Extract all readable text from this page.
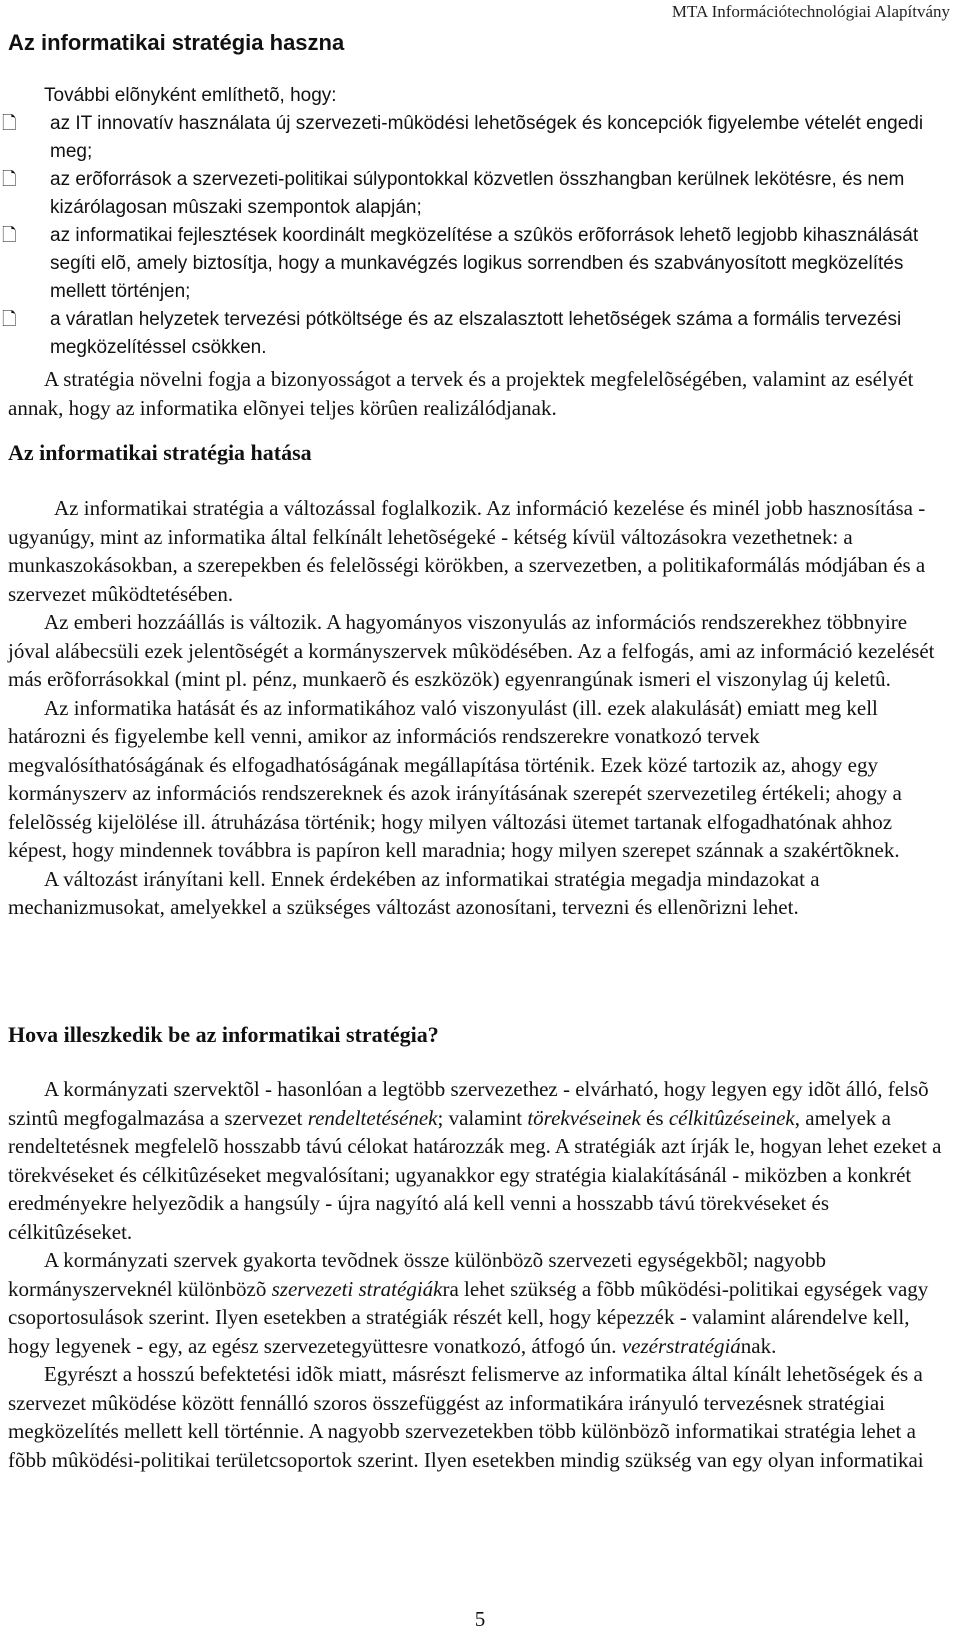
MTA Információtechnológiai Alapítvány
Az informatikai stratégia haszna
További elõnyként említhetõ, hogy:
🗋	az IT innovatív használata új szervezeti-mûködési lehetõségek és koncepciók figyelembe vételét engedi meg;
🗋	az erõforrások a szervezeti-politikai súlypontokkal közvetlen összhangban kerülnek lekötésre, és nem kizárólagosan mûszaki szempontok alapján;
🗋	az informatikai fejlesztések koordinált megközelítése a szûkös erõforrások lehetõ legjobb kihasználását segíti elõ, amely biztosítja, hogy a munkavégzés logikus sorrendben és szabványosított megközelítés mellett történjen;
🗋	a váratlan helyzetek tervezési pótköltsége és az elszalasztott lehetõségek száma a formális tervezési megközelítéssel csökken.

A stratégia növelni fogja a bizonyosságot a tervek és a projektek megfelelõségében, valamint az esélyét annak, hogy az informatika elõnyei teljes körûen realizálódjanak.

Az informatikai stratégia hatása

Az informatikai stratégia a változással foglalkozik. Az információ kezelése és minél jobb hasznosítása - ugyanúgy, mint az informatika által felkínált lehetõségeké - kétség kívül változásokra vezethetnek: a munkaszokásokban, a szerepekben és felelõsségi körökben, a szervezetben, a politikaformálás módjában és a szervezet mûködtetésében.

Az emberi hozzáállás is változik. A hagyományos viszonyulás az információs rendszerekhez többnyire jóval alábecsüli ezek jelentõségét a kormányszervek mûködésében. Az a felfogás, ami az információ kezelését más erõforrásokkal (mint pl. pénz, munkaerõ és eszközök) egyenrangúnak ismeri el viszonylag új keletû.

Az informatika hatását és az informatikához való viszonyulást (ill. ezek alakulását) emiatt meg kell határozni és figyelembe kell venni, amikor az információs rendszerekre vonatkozó tervek megvalósíthatóságának és elfogadhatóságának megállapítása történik. Ezek közé tartozik az, ahogy egy kormányszerv az információs rendszereknek és azok irányításának szerepét szervezetileg értékeli; ahogy a felelõsség kijelölése ill. átruházása történik; hogy milyen változási ütemet tartanak elfogadhatónak ahhoz képest, hogy mindennek továbbra is papíron kell maradnia; hogy milyen szerepet szánnak a szakértõknek.

A változást irányítani kell. Ennek érdekében az informatikai stratégia megadja mindazokat a mechanizmusokat, amelyekkel a szükséges változást azonosítani, tervezni és ellenõrizni lehet.

Hova illeszkedik be az informatikai stratégia?

A kormányzati szervektõl - hasonlóan a legtöbb szervezethez - elvárható, hogy legyen egy idõt álló, felsõ szintû megfogalmazása a szervezet rendeltetésének; valamint törekvéseinek és célkitûzéseinek, amelyek a rendeltetésnek megfelelõ hosszabb távú célokat határozzák meg. A stratégiák azt írják le, hogyan lehet ezeket a törekvéseket és célkitûzéseket megvalósítani; ugyanakkor egy stratégia kialakításánál - miközben a konkrét eredményekre helyezõdik a hangsúly - újra nagyító alá kell venni a hosszabb távú törekvéseket és célkitûzéseket.

A kormányzati szervek gyakorta tevõdnek össze különbözõ szervezeti egységekbõl; nagyobb kormányszerveknél különbözõ szervezeti stratégiákra lehet szükség a fõbb mûködési-politikai egységek vagy csoportosulások szerint. Ilyen esetekben a stratégiák részét kell, hogy képezzék - valamint alárendelve kell, hogy legyenek - egy, az egész szervezetegyüttesre vonatkozó, átfogó ún. vezérstratégiának.

Egyrészt a hosszú befektetési idõk miatt, másrészt felismerve az informatika által kínált lehetõségek és a szervezet mûködése között fennálló szoros összefüggést az informatikára irányuló tervezésnek stratégiai megközelítés mellett kell történnie. A nagyobb szervezetekben több különbözõ informatikai stratégia lehet a fõbb mûködési-politikai területcsoportok szerint. Ilyen esetekben mindig szükség van egy olyan informatikai

5
